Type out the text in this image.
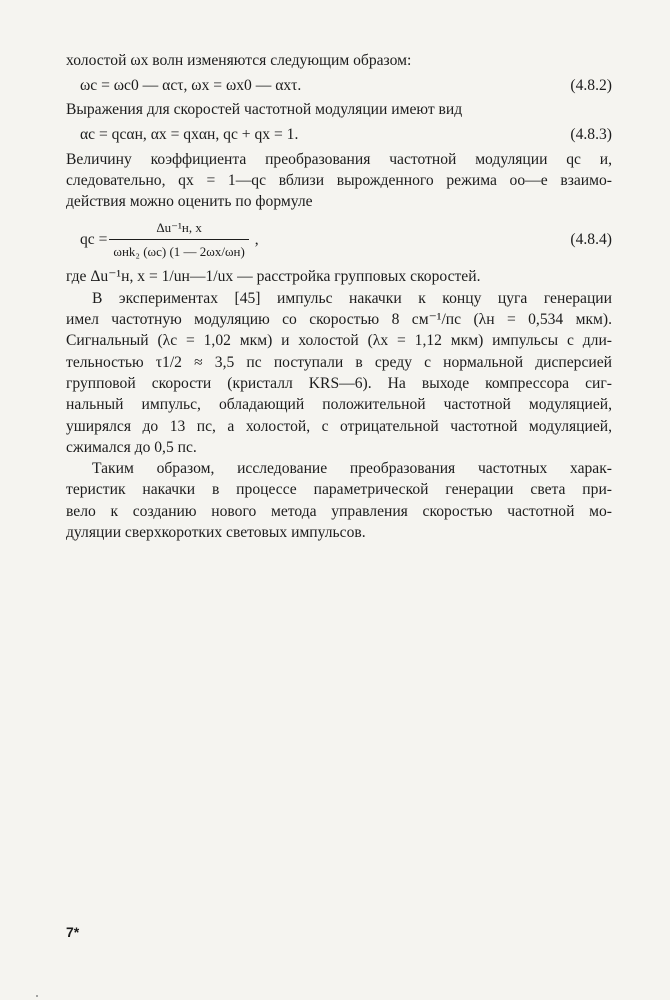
холостой ωх волн изменяются следующим образом:
ωс = ωс0 — αсτ, ωх = ωх0 — αхτ.	(4.8.2)
Выражения для скоростей частотной модуляции имеют вид
αс = qсαн, αх = qхαн, qс + qх = 1.	(4.8.3)
Величину коэффициента преобразования частотной модуляции qс и,
следовательно, qх = 1—qс вблизи вырожденного режима оо—е взаимо-
действия можно оценить по формуле
qс = $\frac{\text{Δu⁻¹н, х}}{\text{ωнk₂ (ωс) (1 — 2ωх/ωн)}}$ ,	(4.8.4)
где Δu⁻¹н, х = 1/uн—1/uх — расстройка групповых скоростей.
В экспериментах [45] импульс накачки к концу цуга генерации
имел частотную модуляцию со скоростью 8 см⁻¹/пс (λн = 0,534 мкм).
Сигнальный (λс = 1,02 мкм) и холостой (λх = 1,12 мкм) импульсы с дли-
тельностью τ1/2 ≈ 3,5 пс поступали в среду с нормальной дисперсией
групповой скорости (кристалл KRS—6). На выходе компрессора сиг-
нальный импульс, обладающий положительной частотной модуляцией,
уширялся до 13 пс, а холостой, с отрицательной частотной модуляцией,
сжимался до 0,5 пс.
Таким образом, исследование преобразования частотных харак-
теристик накачки в процессе параметрической генерации света при-
вело к созданию нового метода управления скоростью частотной мо-
дуляции сверхкоротких световых импульсов.
7*
